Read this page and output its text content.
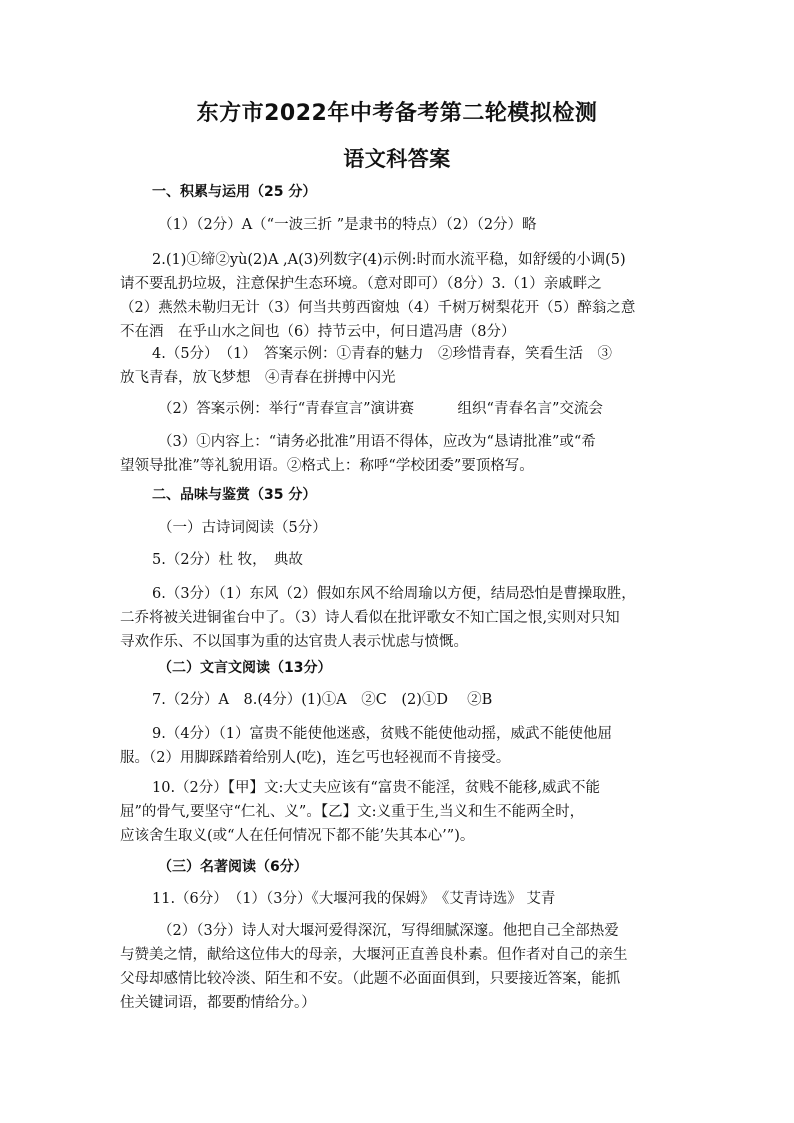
东方市2022年中考备考第二轮模拟检测
语文科答案
一、积累与运用（25 分）
（1）（2分）A（“一波三折 ”是隶书的特点）（2）（2分）略
2.(1)①缔②yù(2)A ,A(3)列数字(4)示例:时而水流平稳，如舒缓的小调(5)
请不要乱扔垃圾，注意保护生态环境。（意对即可）（8分）3.（1）亲戚畔之
（2）燕然未勒归无计（3）何当共剪西窗烛（4）千树万树梨花开（5）醉翁之意
不在酒　在乎山水之间也（6）持节云中，何日遣冯唐（8分）
4.（5分）　（1）　答案示例：①青春的魅力　②珍惜青春，笑看生活　③
放飞青春，放飞梦想　④青春在拼搏中闪光
（2）答案示例：举行“青春宣言”演讲赛　　　组织“青春名言”交流会
（3）①内容上：“请务必批准”用语不得体，应改为“恳请批准”或“希
望领导批准”等礼貌用语。②格式上：称呼“学校团委”要顶格写。
二、品味与鉴赏（35 分）
（一）古诗词阅读（5分）
5.（2分）杜 牧，　典故
6.（3分）（1）东风（2）假如东风不给周瑜以方便，结局恐怕是曹操取胜，
二乔将被关进铜雀台中了。（3）诗人看似在批评歌女不知亡国之恨,实则对只知
寻欢作乐、不以国事为重的达官贵人表示忧虑与愤慨。
（二）文言文阅读（13分）
7.（2分）A　8.(4分）(1)①A　②C　(2)①D　 ②B
9.（4分）（1）富贵不能使他迷惑，贫贱不能使他动摇，威武不能使他屈
服。（2）用脚踩踏着给别人(吃)，连乞丐也轻视而不肯接受。
10.（2分）【甲】文:大丈夫应该有“富贵不能淫，贫贱不能移,威武不能
屈”的骨气,要坚守“仁礼、义”。【乙】文:义重于生,当义和生不能两全时，
应该舍生取义(或“人在任何情况下都不能’失其本心’”)。
（三）名著阅读（6分）
11.（6分）　（1）（3分）《大堰河我的保姆》　《艾青诗选》 艾青
（2）（3分）诗人对大堰河爱得深沉，写得细腻深邃。他把自己全部热爱
与赞美之情，献给这位伟大的母亲，大堰河正直善良朴素。但作者对自己的亲生
父母却感情比较冷淡、陌生和不安。（此题不必面面俱到，只要接近答案，能抓
住关键词语，都要酌情给分。）
